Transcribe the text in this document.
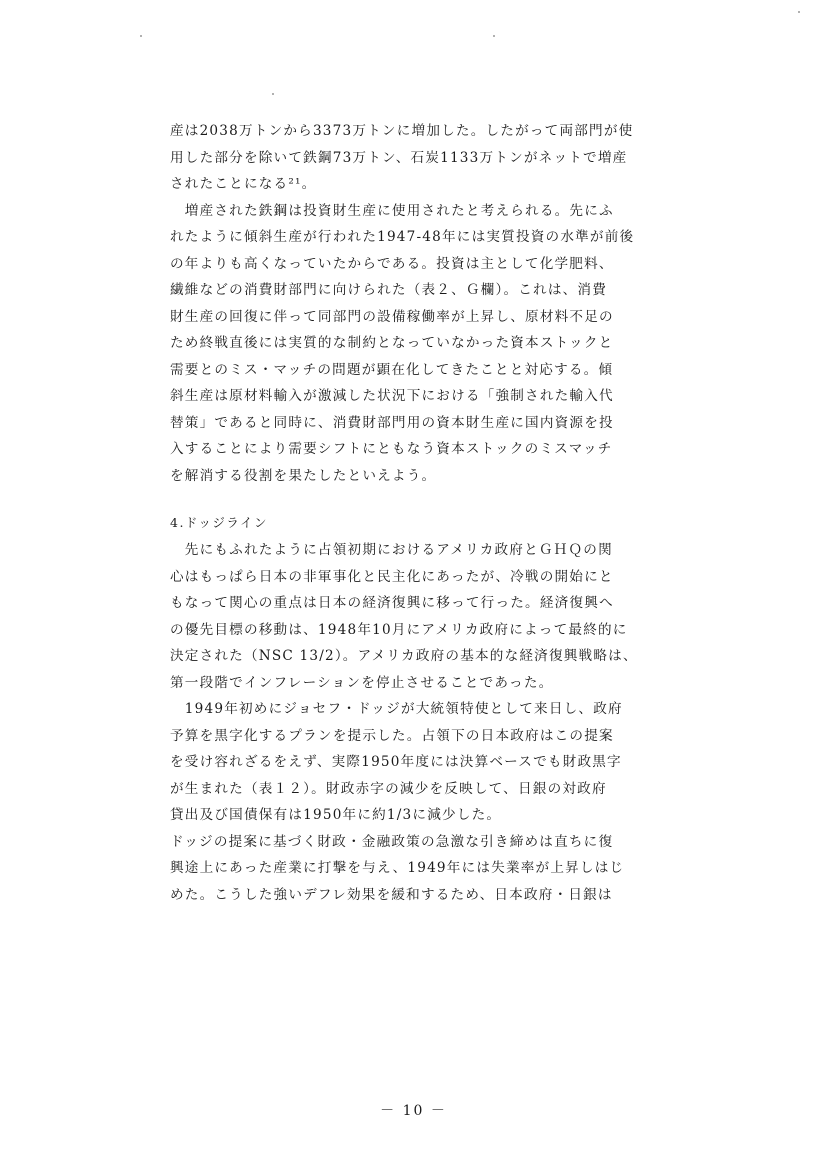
産は2038万トンから3373万トンに増加した。したがって両部門が使
用した部分を除いて鉄鋼73万トン、石炭1133万トンがネットで増産
されたことになる²¹。
　増産された鉄鋼は投資財生産に使用されたと考えられる。先にふ
れたように傾斜生産が行われた1947-48年には実質投資の水準が前後
の年よりも高くなっていたからである。投資は主として化学肥料、
繊維などの消費財部門に向けられた（表２、Ｇ欄）。これは、消費
財生産の回復に伴って同部門の設備稼働率が上昇し、原材料不足の
ため終戦直後には実質的な制約となっていなかった資本ストックと
需要とのミス・マッチの問題が顕在化してきたことと対応する。傾
斜生産は原材料輸入が激減した状況下における「強制された輸入代
替策」であると同時に、消費財部門用の資本財生産に国内資源を投
入することにより需要シフトにともなう資本ストックのミスマッチ
を解消する役割を果たしたといえよう。
4.ドッジライン
　先にもふれたように占領初期におけるアメリカ政府とＧＨＱの関
心はもっぱら日本の非軍事化と民主化にあったが、冷戦の開始にと
もなって関心の重点は日本の経済復興に移って行った。経済復興へ
の優先目標の移動は、1948年10月にアメリカ政府によって最終的に
決定された（NSC 13/2）。アメリカ政府の基本的な経済復興戦略は、
第一段階でインフレーションを停止させることであった。
　1949年初めにジョセフ・ドッジが大統領特使として来日し、政府
予算を黒字化するプランを提示した。占領下の日本政府はこの提案
を受け容れざるをえず、実際1950年度には決算ベースでも財政黒字
が生まれた（表１２）。財政赤字の減少を反映して、日銀の対政府
貸出及び国債保有は1950年に約1/3に減少した。
ドッジの提案に基づく財政・金融政策の急激な引き締めは直ちに復
興途上にあった産業に打撃を与え、1949年には失業率が上昇しはじ
めた。こうした強いデフレ効果を緩和するため、日本政府・日銀は
－ 10 －
